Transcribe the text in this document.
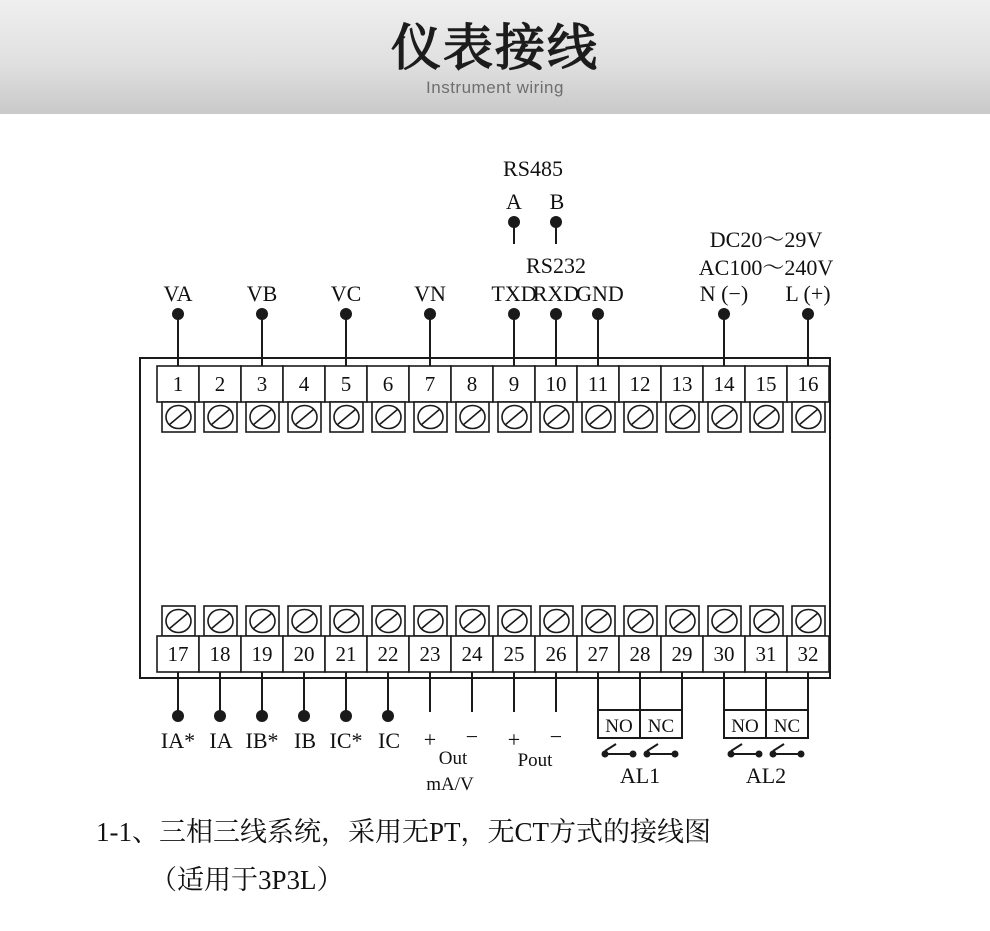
仪表接线
Instrument wiring
1 2 3 4 5 6 7 8 9 10 11 12 13 14 15 16
17 18 19 20 21 22 23 24 25 26 27 28 29 30 31 32
VA VB VC VN TXD
RXD
GND	N (−) L (+)
RS232
A B
RS485
DC20〜29V
AC100〜240V
IA* IA IB* IB IC* IC + −
Out
mA/V
+ −
Pout
NO NC
AL1
NO NC
AL2
1-1、三相三线系统，采用无PT，无CT方式的接线图
（适用于3P3L）
